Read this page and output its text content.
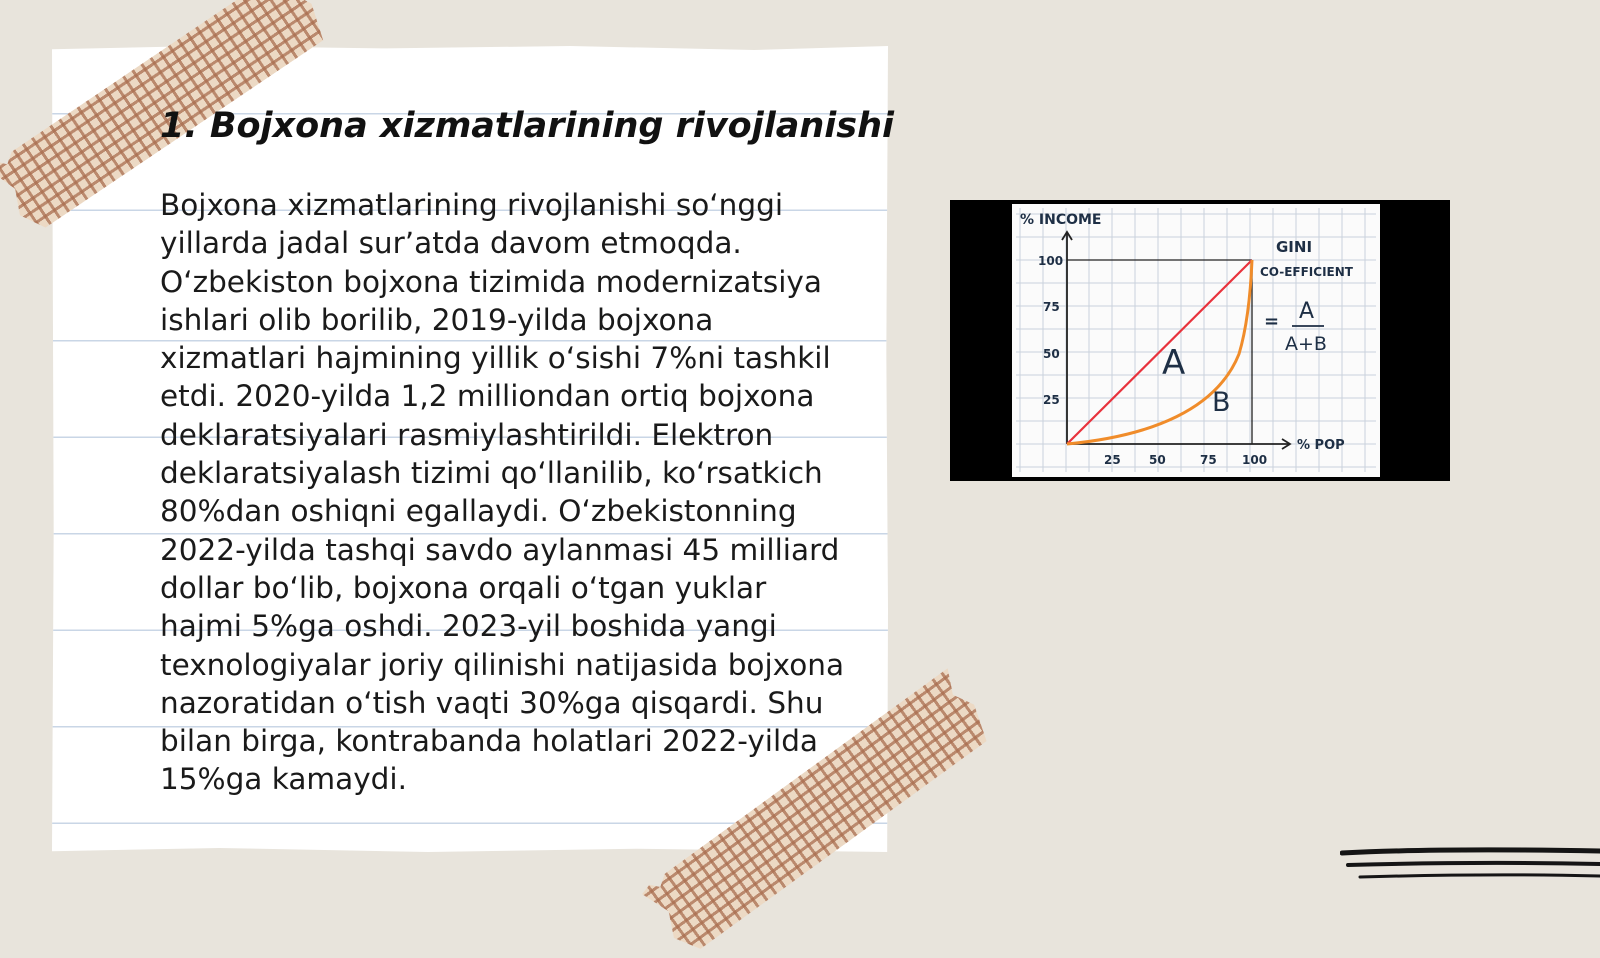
1. Bojxona xizmatlarining rivojlanishi

Bojxona xizmatlarining rivojlanishi so‘nggi yillarda jadal sur’atda davom etmoqda. O‘zbekiston bojxona tizimida modernizatsiya ishlari olib borilib, 2019-yilda bojxona xizmatlari hajmining yillik o‘sishi 7%ni tashkil etdi. 2020-yilda 1,2 milliondan ortiq bojxona deklaratsiyalari rasmiylashtirildi. Elektron deklaratsiyalash tizimi qo‘llanilib, ko‘rsatkich 80%dan oshiqni egallaydi. O‘zbekistonning 2022-yilda tashqi savdo aylanmasi 45 milliard dollar bo‘lib, bojxona orqali o‘tgan yuklar hajmi 5%ga oshdi. 2023-yil boshida yangi texnologiyalar joriy qilinishi natijasida bojxona nazoratidan o‘tish vaqti 30%ga qisqardi. Shu bilan birga, kontrabanda holatlari 2022-yilda 15%ga kamaydi.

% INCOME
100
75
50
25
25 50	75 100
% POP
A
B
GINI
CO-EFFICIENT
= A
A+B
